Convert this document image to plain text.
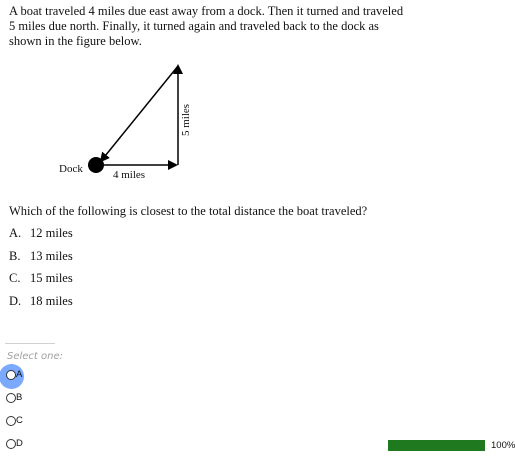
A boat traveled 4 miles due east away from a dock. Then it turned and traveled
5 miles due north. Finally, it turned again and traveled back to the dock as
shown in the figure below.
Dock	4 miles
5 miles
Which of the following is closest to the total distance the boat traveled?
A. 12 miles
B. 13 miles
C. 15 miles
D. 18 miles
Select one:
A
B
C
D	100%
